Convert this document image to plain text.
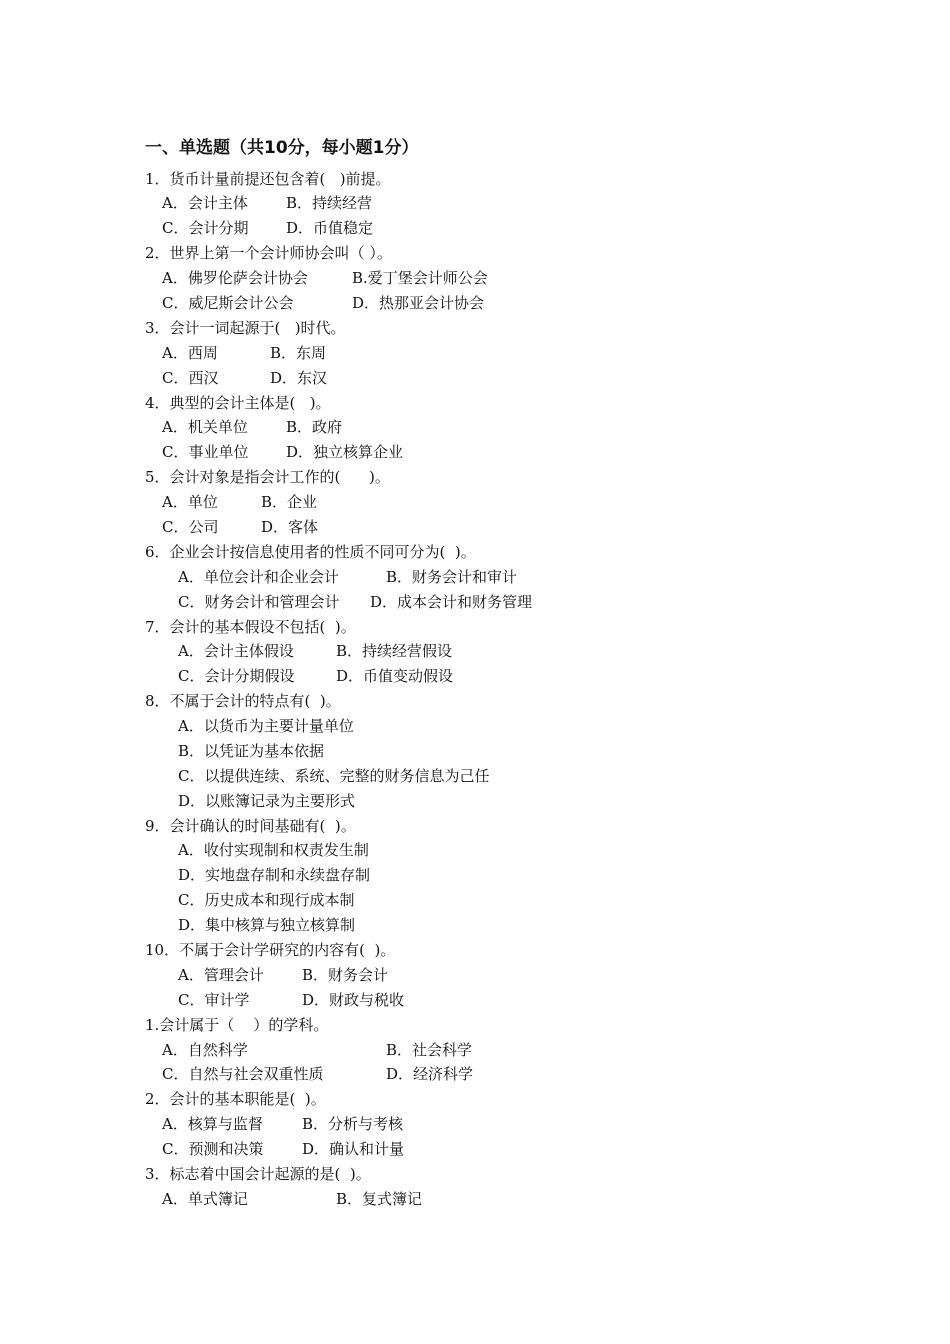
一、单选题（共10分，每小题1分）
1．货币计量前提还包含着(   )前提。
A．会计主体	B．持续经营
C．会计分期	D．币值稳定
2．世界上第一个会计师协会叫（ ）。
A．佛罗伦萨会计协会	B.爱丁堡会计师公会
C．威尼斯会计公会	D．热那亚会计协会
3．会计一词起源于(   )时代。
A．西周	B．东周
C．西汉	D．东汉
4．典型的会计主体是(   )。
A．机关单位	B．政府
C．事业单位	D．独立核算企业
5．会计对象是指会计工作的(      )。
A．单位	B．企业
C．公司	D．客体
6．企业会计按信息使用者的性质不同可分为(  )。
A．单位会计和企业会计	B．财务会计和审计
C．财务会计和管理会计 D．成本会计和财务管理
7．会计的基本假设不包括(  )。
A．会计主体假设	B．持续经营假设
C．会计分期假设	D．币值变动假设
8．不属于会计的特点有(  )。
A．以货币为主要计量单位
B．以凭证为基本依据
C．以提供连续、系统、完整的财务信息为己任
D．以账簿记录为主要形式
9．会计确认的时间基础有(  )。
A．收付实现制和权责发生制
D．实地盘存制和永续盘存制
C．历史成本和现行成本制
D．集中核算与独立核算制
10．不属于会计学研究的内容有(  )。
A．管理会计	B．财务会计
C．审计学	D．财政与税收
1.会计属于（    ）的学科。
A．自然科学	B．社会科学
C．自然与社会双重性质	D．经济科学
2．会计的基本职能是(  )。
A．核算与监督	B．分析与考核
C．预测和决策	D．确认和计量
3．标志着中国会计起源的是(  )。
A．单式簿记	B．复式簿记
